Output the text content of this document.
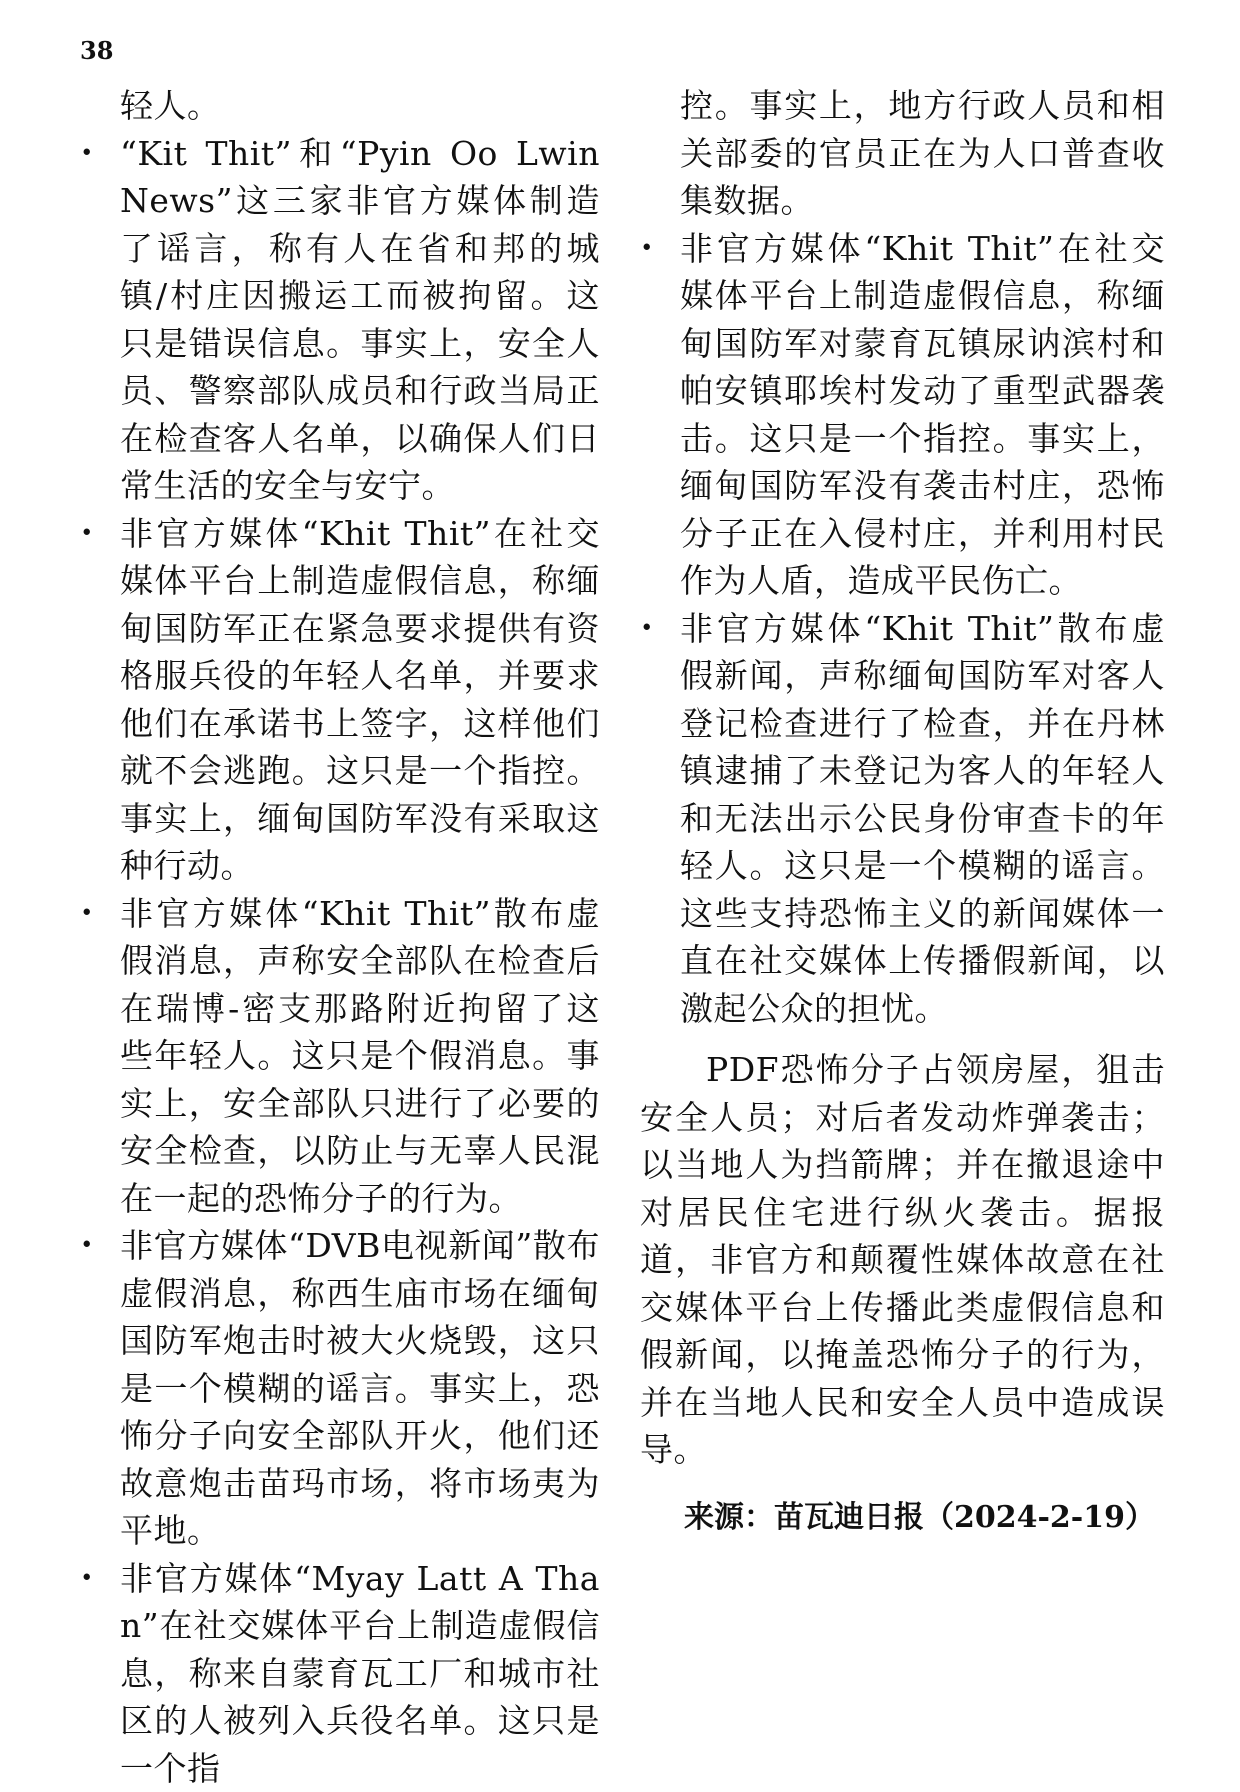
38

轻人。

• “Kit Thit”和“Pyin Oo Lwin News”这三家非官方媒体制造了谣言，称有人在省和邦的城镇/村庄因搬运工而被拘留。这只是错误信息。事实上，安全人员、警察部队成员和行政当局正在检查客人名单，以确保人们日常生活的安全与安宁。
• 非官方媒体“Khit Thit”在社交媒体平台上制造虚假信息，称缅甸国防军正在紧急要求提供有资格服兵役的年轻人名单，并要求他们在承诺书上签字，这样他们就不会逃跑。这只是一个指控。事实上，缅甸国防军没有采取这种行动。
• 非官方媒体“Khit Thit”散布虚假消息，声称安全部队在检查后在瑞博-密支那路附近拘留了这些年轻人。这只是个假消息。事实上，安全部队只进行了必要的安全检查，以防止与无辜人民混在一起的恐怖分子的行为。
• 非官方媒体“DVB电视新闻”散布虚假消息，称西生庙市场在缅甸国防军炮击时被大火烧毁，这只是一个模糊的谣言。事实上，恐怖分子向安全部队开火，他们还故意炮击苗玛市场，将市场夷为平地。
• 非官方媒体“Myay Latt A Than”在社交媒体平台上制造虚假信息，称来自蒙育瓦工厂和城市社区的人被列入兵役名单。这只是一个指

控。事实上，地方行政人员和相关部委的官员正在为人口普查收集数据。

• 非官方媒体“Khit Thit”在社交媒体平台上制造虚假信息，称缅甸国防军对蒙育瓦镇尿讷滨村和帕安镇耶埃村发动了重型武器袭击。这只是一个指控。事实上，缅甸国防军没有袭击村庄，恐怖分子正在入侵村庄，并利用村民作为人盾，造成平民伤亡。
• 非官方媒体“Khit Thit”散布虚假新闻，声称缅甸国防军对客人登记检查进行了检查，并在丹林镇逮捕了未登记为客人的年轻人和无法出示公民身份审查卡的年轻人。这只是一个模糊的谣言。这些支持恐怖主义的新闻媒体一直在社交媒体上传播假新闻，以激起公众的担忧。

PDF恐怖分子占领房屋，狙击安全人员；对后者发动炸弹袭击；以当地人为挡箭牌；并在撤退途中对居民住宅进行纵火袭击。据报道，非官方和颠覆性媒体故意在社交媒体平台上传播此类虚假信息和假新闻，以掩盖恐怖分子的行为，并在当地人民和安全人员中造成误导。

来源：苗瓦迪日报（2024-2-19）
